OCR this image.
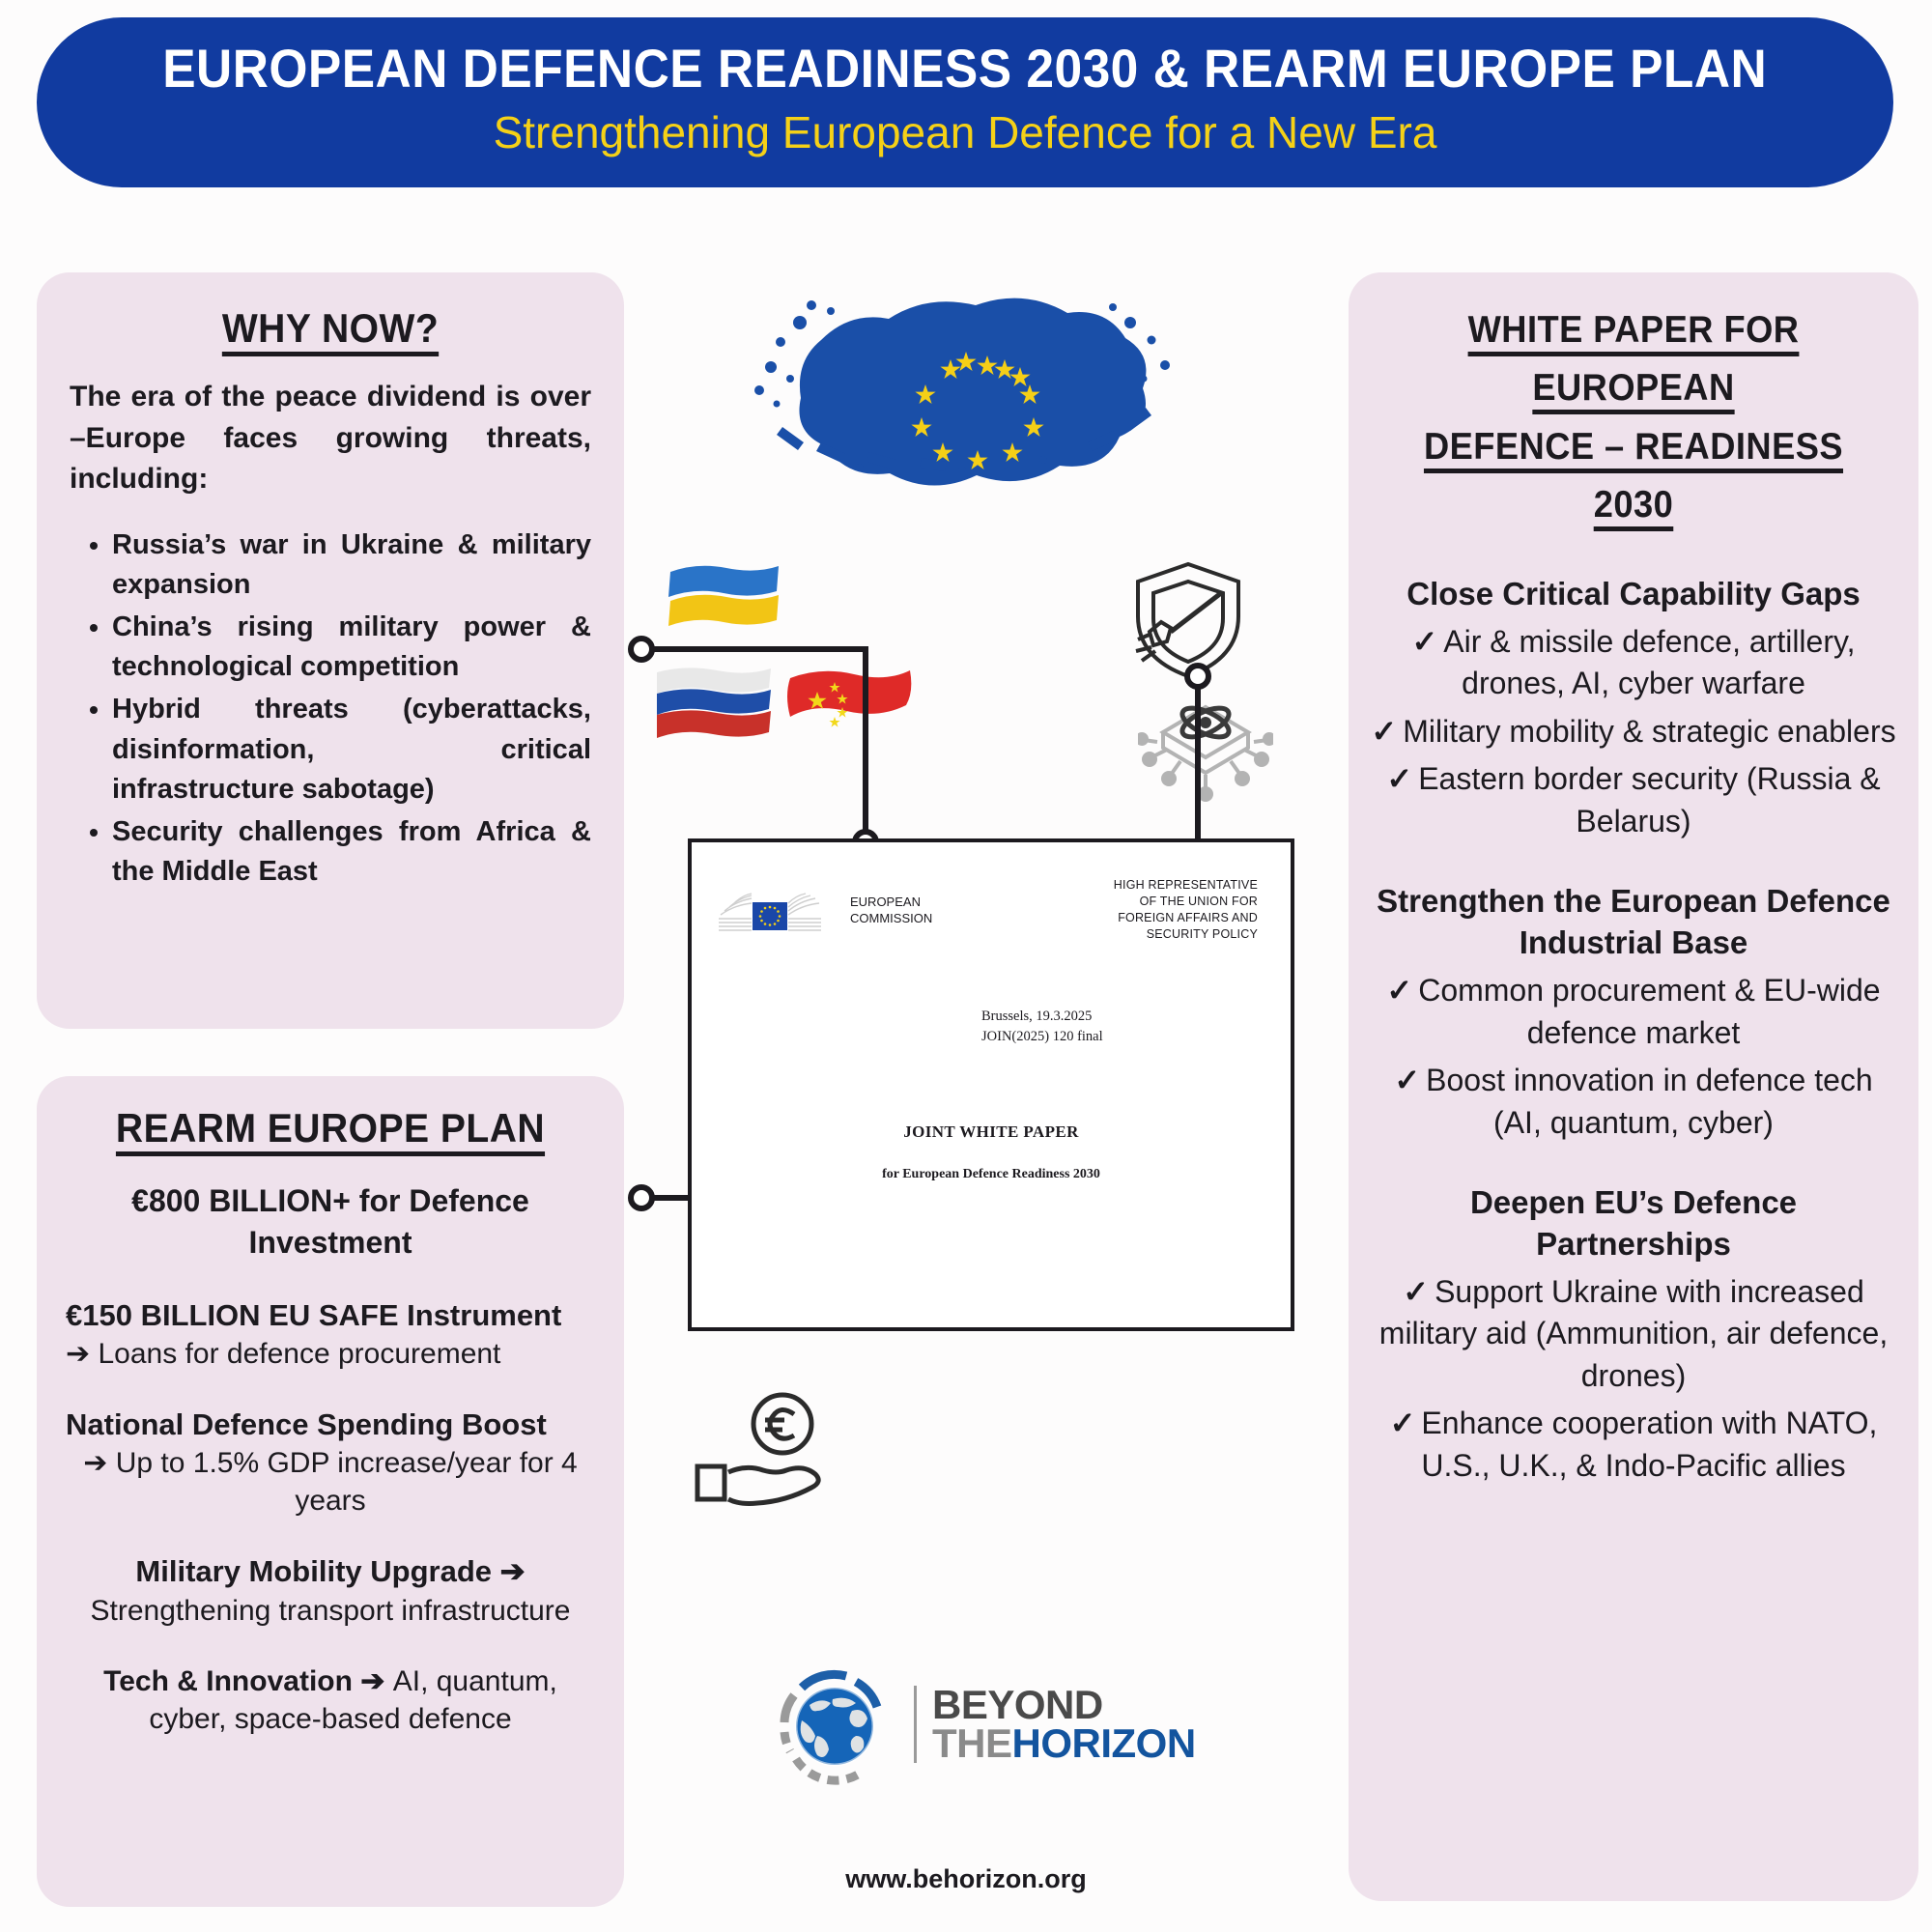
EUROPEAN DEFENCE READINESS 2030 & REARM EUROPE PLAN
Strengthening European Defence for a New Era
WHY NOW?
The era of the peace dividend is over –Europe faces growing threats, including:
• Russia’s war in Ukraine & military expansion
• China’s rising military power & technological competition
• Hybrid threats (cyberattacks, disinformation, critical infrastructure sabotage)
• Security challenges from Africa & the Middle East
REARM EUROPE PLAN
€800 BILLION+ for Defence Investment
€150 BILLION EU SAFE Instrument
➔ Loans for defence procurement
National Defence Spending Boost
➔ Up to 1.5% GDP increase/year for 4 years
Military Mobility Upgrade ➔
Strengthening transport infrastructure
Tech & Innovation ➔ AI, quantum, cyber, space-based defence
WHITE PAPER FOR EUROPEAN
DEFENCE – READINESS 2030
Close Critical Capability Gaps
✓ Air & missile defence, artillery, drones, AI, cyber warfare
✓ Military mobility & strategic enablers
✓ Eastern border security (Russia & Belarus)
Strengthen the European Defence Industrial Base
✓ Common procurement & EU-wide defence market
✓ Boost innovation in defence tech (AI, quantum, cyber)
Deepen EU’s Defence Partnerships
✓ Support Ukraine with increased military aid (Ammunition, air defence, drones)
✓ Enhance cooperation with NATO, U.S., U.K., & Indo-Pacific allies
EUROPEAN
COMMISSION
HIGH REPRESENTATIVE
OF THE UNION FOR
FOREIGN AFFAIRS AND
SECURITY POLICY
Brussels, 19.3.2025
JOIN(2025) 120 final
JOINT WHITE PAPER
for European Defence Readiness 2030
BEYOND
THEHORIZON
www.behorizon.org
